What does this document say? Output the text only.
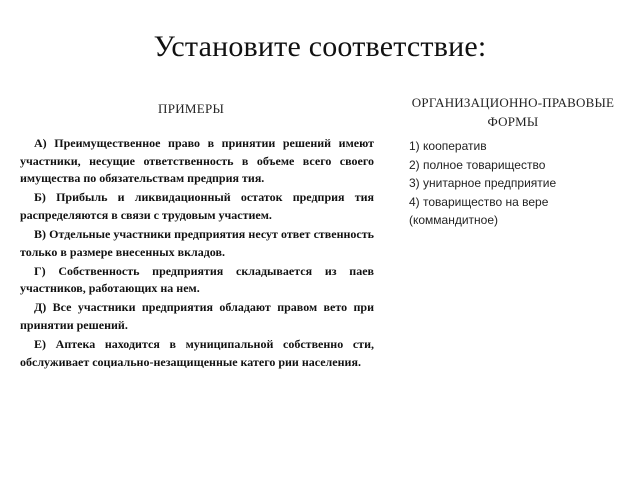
Установите соответствие:
ПРИМЕРЫ	ОРГАНИЗАЦИОННО-ПРАВОВЫЕ ФОРМЫ

А) Преимущественное право в принятии решений имеют участники, несущие ответственность в объеме всего своего имущества по обязательствам предприя тия.

Б) Прибыль и ликвидационный остаток предприя тия распределяются в связи с трудовым участием.

В) Отдельные участники предприятия несут ответ ственность только в размере внесенных вкладов.

Г) Собственность предприятия складывается из паев участников, работающих на нем.

Д) Все участники предприятия обладают правом вето при принятии решений.

Е) Аптека находится в муниципальной собственно сти, обслуживает социально-незащищенные катего рии населения.

1) кооператив

2) полное товарищество

3) унитарное предприятие

4) товарищество на вере (коммандитное)
